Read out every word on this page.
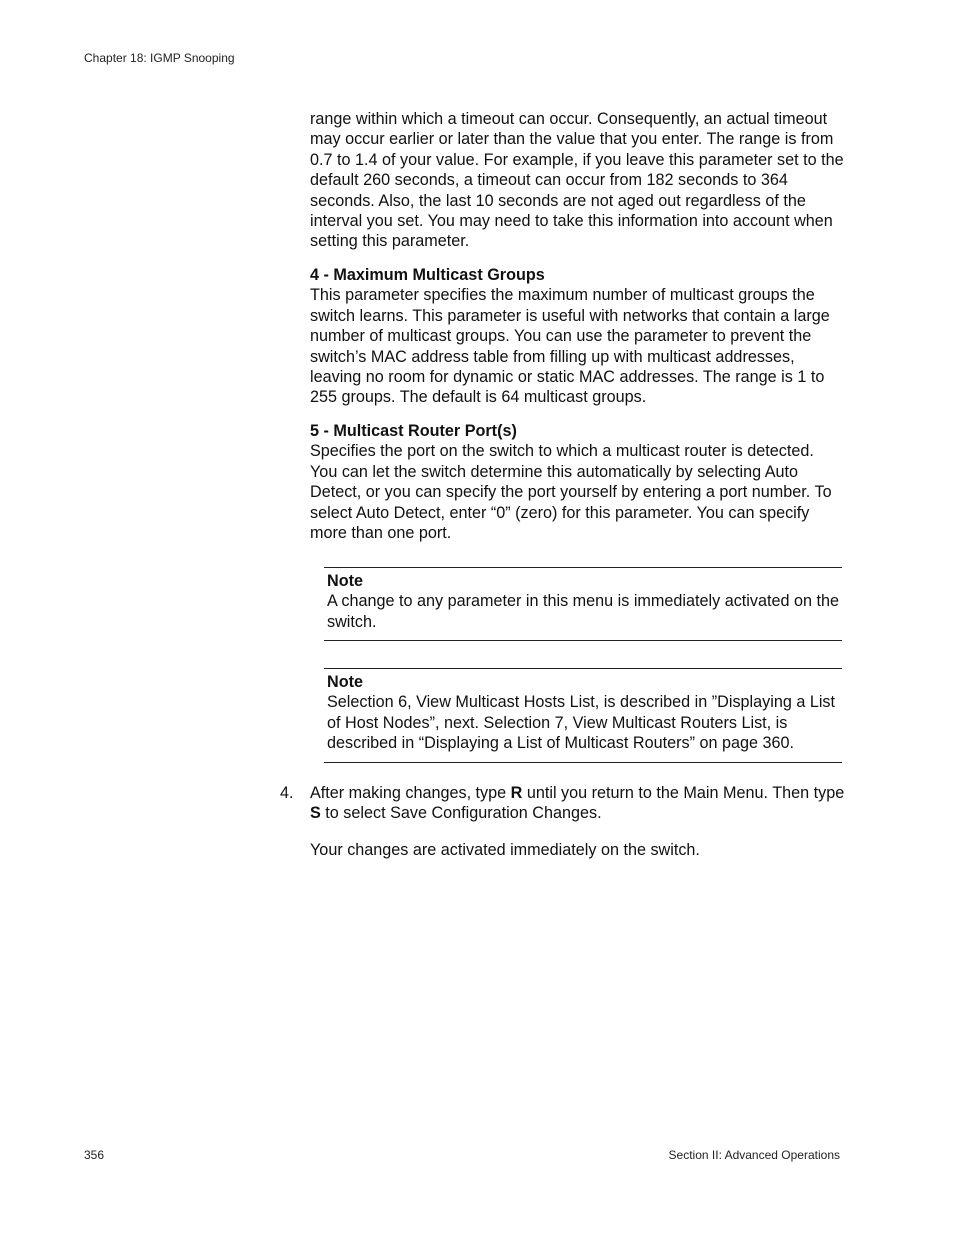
Chapter 18: IGMP Snooping

range within which a timeout can occur. Consequently, an actual timeout may occur earlier or later than the value that you enter. The range is from 0.7 to 1.4 of your value. For example, if you leave this parameter set to the default 260 seconds, a timeout can occur from 182 seconds to 364 seconds. Also, the last 10 seconds are not aged out regardless of the interval you set. You may need to take this information into account when setting this parameter.

4 - Maximum Multicast Groups

This parameter specifies the maximum number of multicast groups the switch learns. This parameter is useful with networks that contain a large number of multicast groups. You can use the parameter to prevent the switch’s MAC address table from filling up with multicast addresses, leaving no room for dynamic or static MAC addresses. The range is 1 to 255 groups. The default is 64 multicast groups.

5 - Multicast Router Port(s)

Specifies the port on the switch to which a multicast router is detected. You can let the switch determine this automatically by selecting Auto Detect, or you can specify the port yourself by entering a port number. To select Auto Detect, enter “0” (zero) for this parameter. You can specify more than one port.

Note
A change to any parameter in this menu is immediately activated on the switch.
Note
Selection 6, View Multicast Hosts List, is described in ”Displaying a List of Host Nodes”, next. Selection 7, View Multicast Routers List, is described in “Displaying a List of Multicast Routers” on page 360.
4. After making changes, type R until you return to the Main Menu. Then type S to select Save Configuration Changes.
Your changes are activated immediately on the switch.
356	Section II: Advanced Operations
